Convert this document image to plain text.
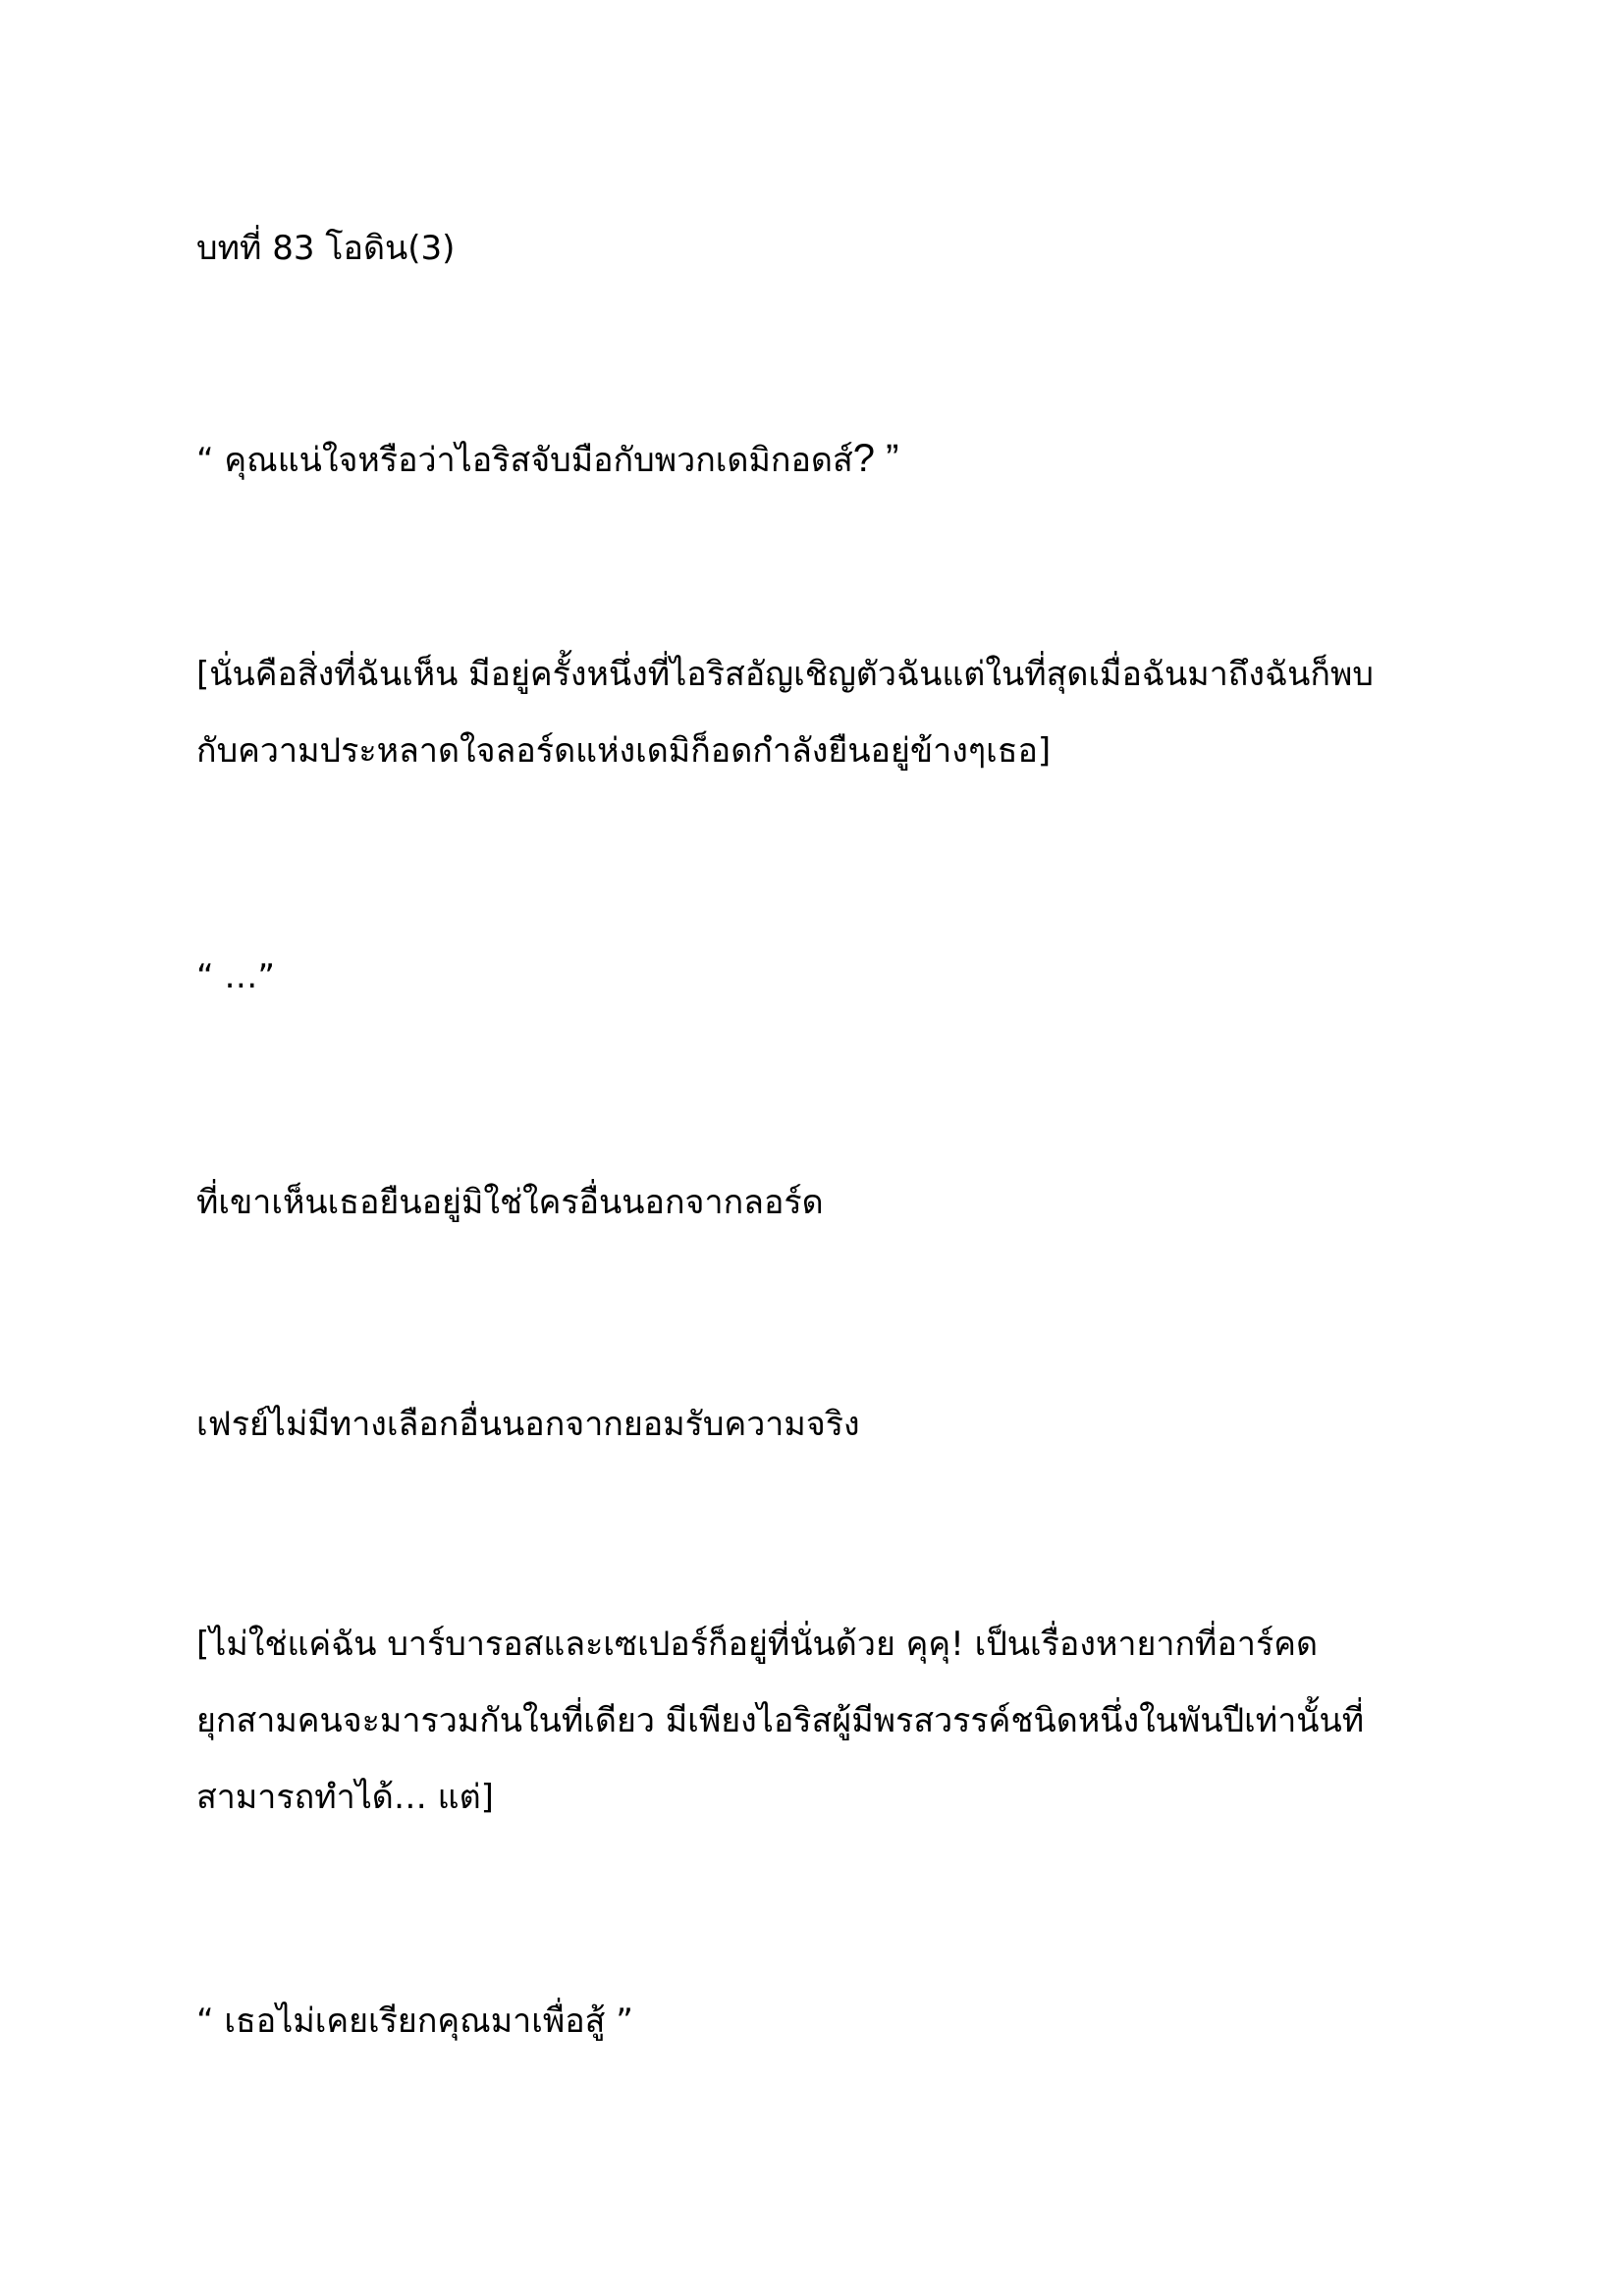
บทที่ 83 โอดิน(3)

“ คุณแน่ใจหรือว่าไอริสจับมือกับพวกเดมิกอดส์? ”

[นั่นคือสิ่งที่ฉันเห็น มีอยู่ครั้งหนึ่งที่ไอริสอัญเชิญตัวฉันแต่ในที่สุดเมื่อฉันมาถึงฉันก็พบ
กับความประหลาดใจลอร์ดแห่งเดมิก็อดกำลังยืนอยู่ข้างๆเธอ]

“ …”

ที่เขาเห็นเธอยืนอยู่มิใช่ใครอื่นนอกจากลอร์ด

เฟรย์ไม่มีทางเลือกอื่นนอกจากยอมรับความจริง

[ไม่ใช่แค่ฉัน บาร์บารอสและเซเปอร์ก็อยู่ที่นั่นด้วย คุคุ! เป็นเรื่องหายากที่อาร์คด
ยุกสามคนจะมารวมกันในที่เดียว มีเพียงไอริสผู้มีพรสวรรค์ชนิดหนึ่งในพันปีเท่านั้นที่
สามารถทำได้… แต่]

“ เธอไม่เคยเรียกคุณมาเพื่อสู้ ”
